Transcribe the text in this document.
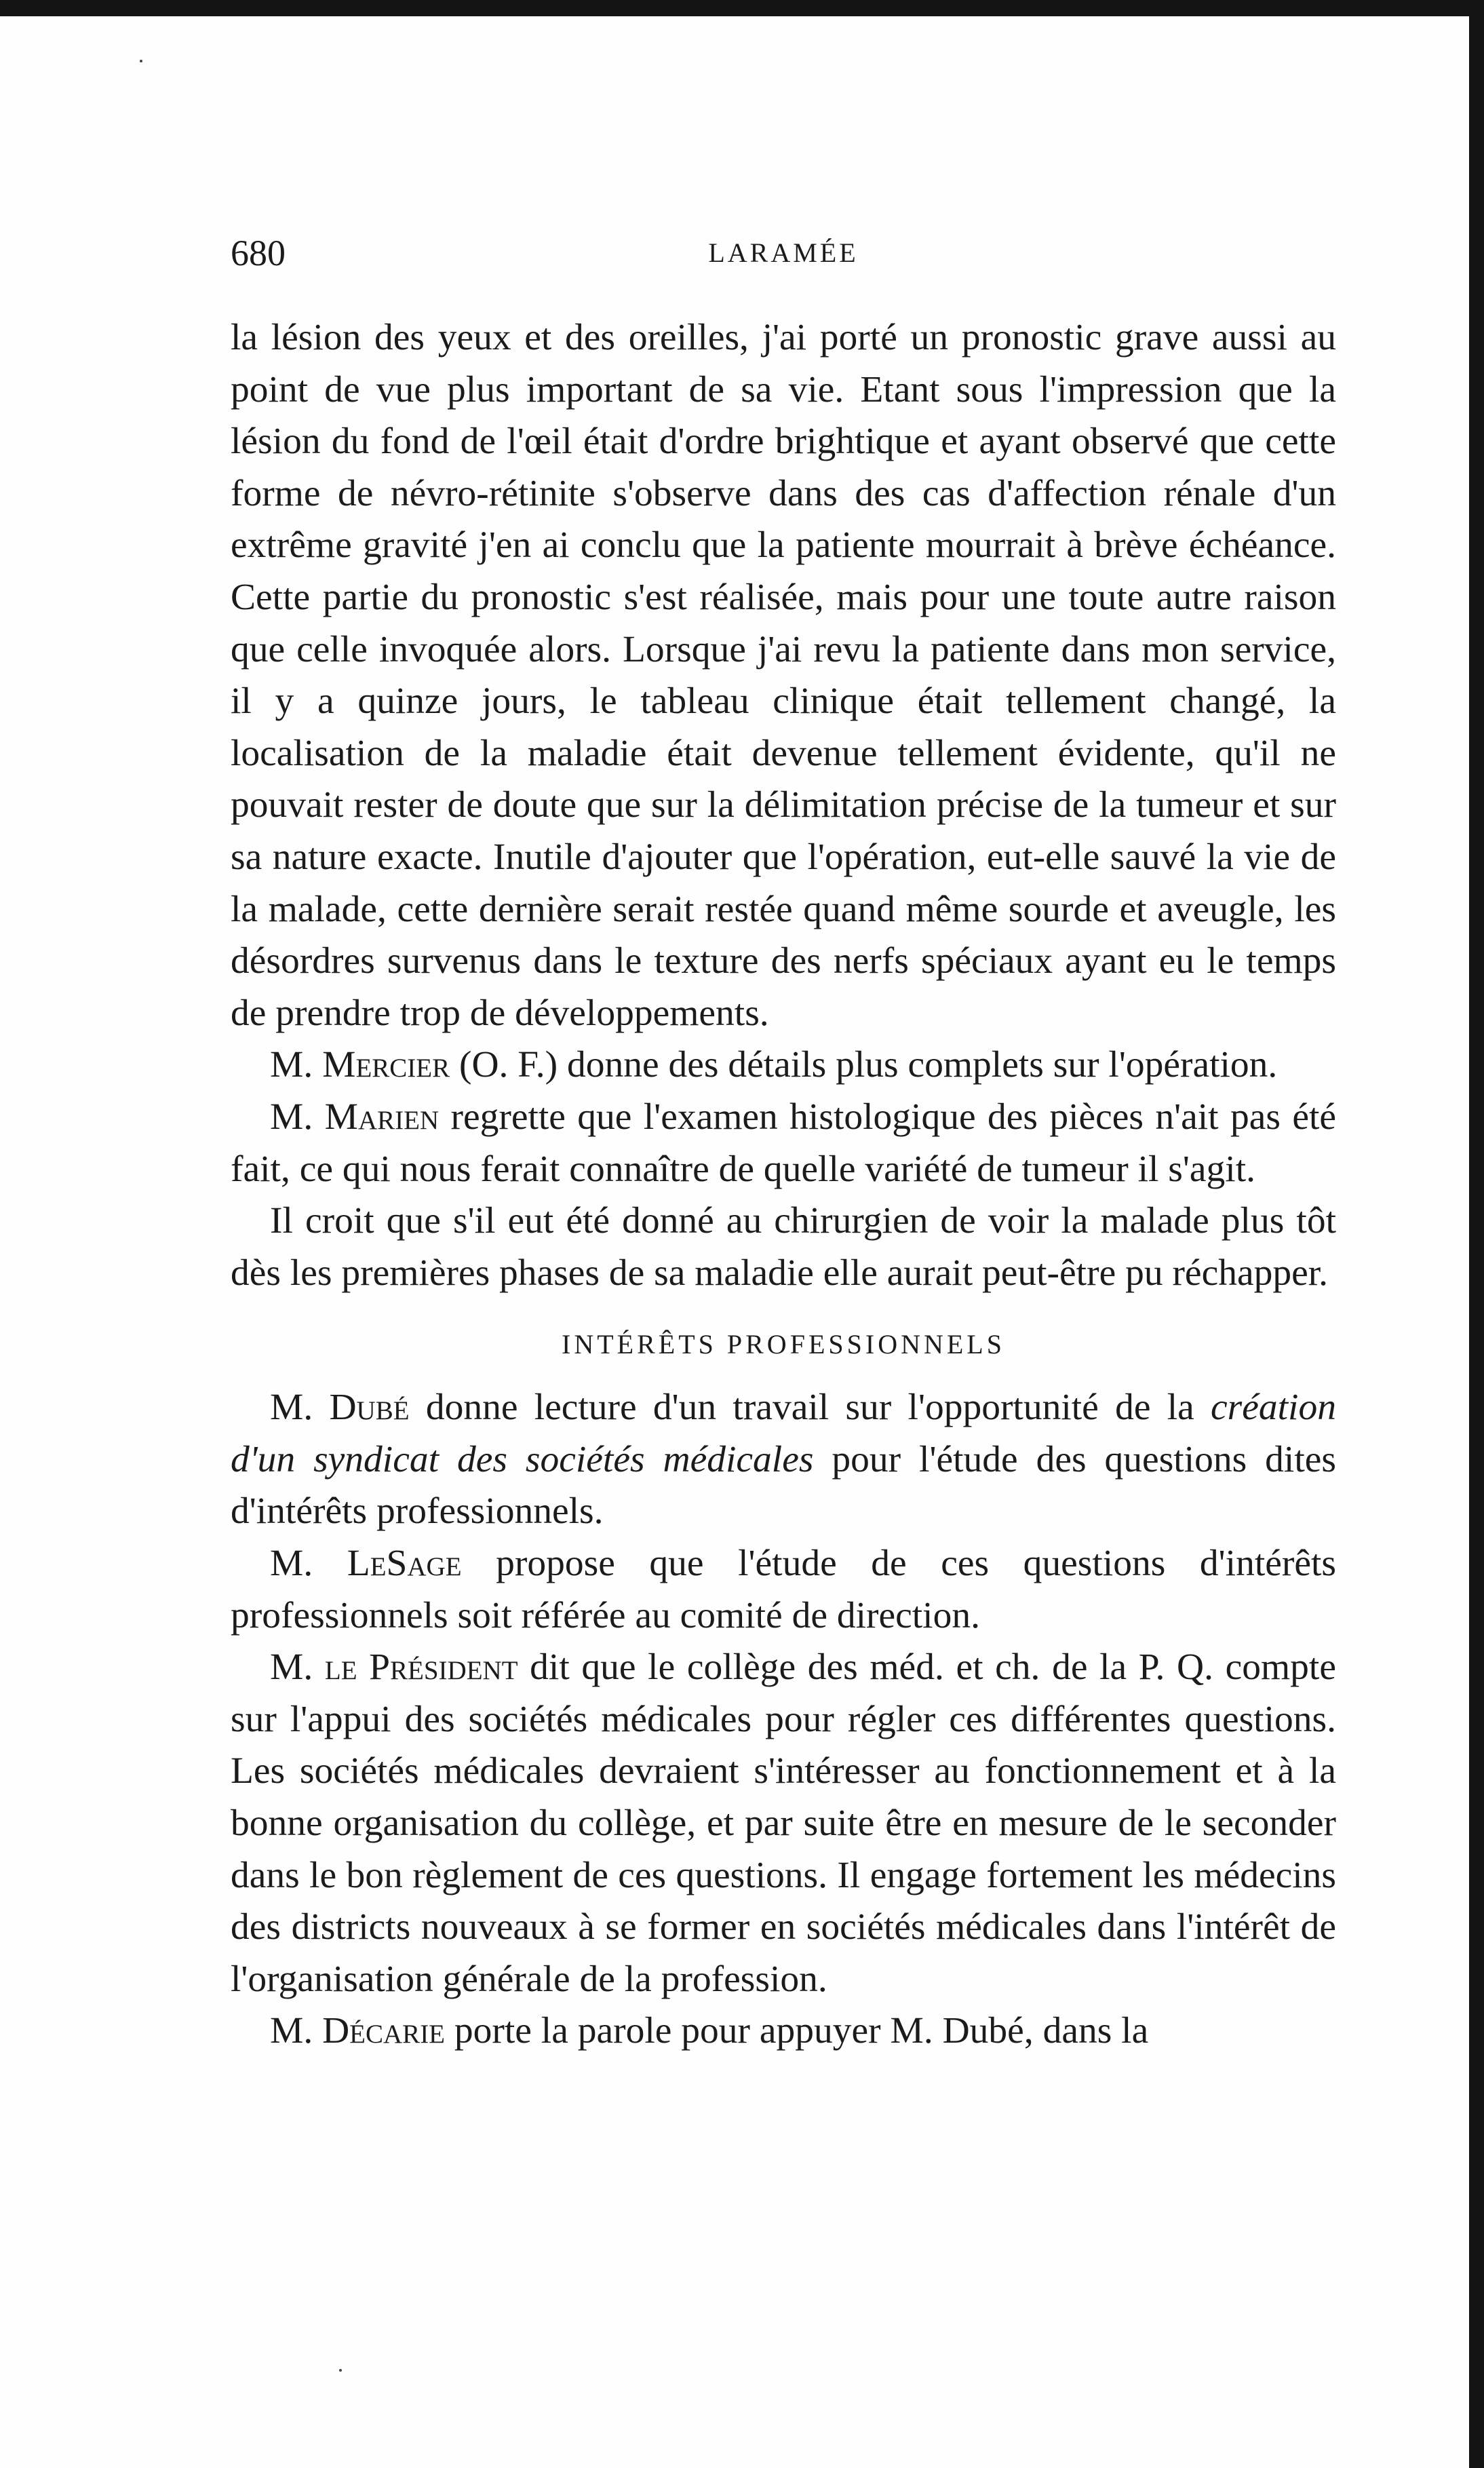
680	LARAMÉE

la lésion des yeux et des oreilles, j'ai porté un pronostic grave aussi au point de vue plus important de sa vie. Etant sous l'impression que la lésion du fond de l'œil était d'ordre brightique et ayant observé que cette forme de névro-rétinite s'observe dans des cas d'affection rénale d'un extrême gravité j'en ai conclu que la patiente mourrait à brève échéance. Cette partie du pronostic s'est réalisée, mais pour une toute autre raison que celle invoquée alors. Lorsque j'ai revu la patiente dans mon service, il y a quinze jours, le tableau clinique était tellement changé, la localisation de la maladie était devenue tellement évidente, qu'il ne pouvait rester de doute que sur la délimitation précise de la tumeur et sur sa nature exacte. Inutile d'ajouter que l'opération, eut-elle sauvé la vie de la malade, cette dernière serait restée quand même sourde et aveugle, les désordres survenus dans le texture des nerfs spéciaux ayant eu le temps de prendre trop de développements.

M. Mercier (O. F.) donne des détails plus complets sur l'opération.

M. Marien regrette que l'examen histologique des pièces n'ait pas été fait, ce qui nous ferait connaître de quelle variété de tumeur il s'agit.

Il croit que s'il eut été donné au chirurgien de voir la malade plus tôt dès les premières phases de sa maladie elle aurait peut-être pu réchapper.

INTÉRÊTS PROFESSIONNELS

M. Dubé donne lecture d'un travail sur l'opportunité de la création d'un syndicat des sociétés médicales pour l'étude des questions dites d'intérêts professionnels.

M. LeSage propose que l'étude de ces questions d'intérêts professionnels soit référée au comité de direction.

M. le Président dit que le collège des méd. et ch. de la P. Q. compte sur l'appui des sociétés médicales pour régler ces différentes questions. Les sociétés médicales devraient s'intéresser au fonctionnement et à la bonne organisation du collège, et par suite être en mesure de le seconder dans le bon règlement de ces questions. Il engage fortement les médecins des districts nouveaux à se former en sociétés médicales dans l'intérêt de l'organisation générale de la profession.

M. Décarie porte la parole pour appuyer M. Dubé, dans la
